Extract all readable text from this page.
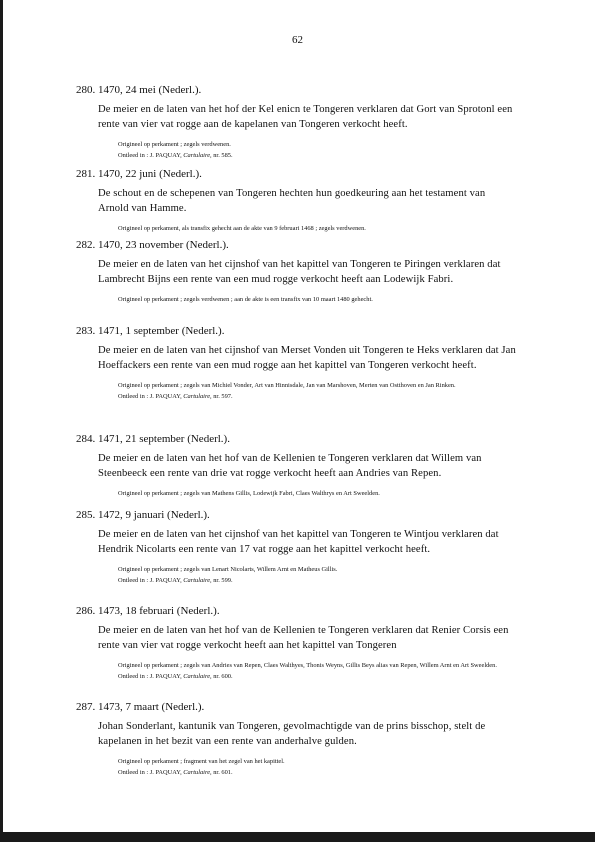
62

280. 1470, 24 mei (Nederl.).

De meier en de laten van het hof der Kel enicn te Tongeren verklaren dat Gort van Sprotonl een rente van vier vat rogge aan de kapelanen van Tongeren verkocht heeft.

Origineel op perkament ; zegels verdwenen.
Ontleed in : J. PAQUAY, Cartulaire, nr. 585.

281. 1470, 22 juni (Nederl.).

De schout en de schepenen van Tongeren hechten hun goedkeuring aan het testament van Arnold van Hamme.

Origineel op perkament, als transfix gehecht aan de akte van 9 februari 1468 ; zegels verdwenen.

282. 1470, 23 november (Nederl.).

De meier en de laten van het cijnshof van het kapittel van Tongeren te Piringen verklaren dat Lambrecht Bijns een rente van een mud rogge verkocht heeft aan Lodewijk Fabri.

Origineel op perkament ; zegels verdwenen ; aan de akte is een transfix van 10 maart 1480 gehecht.

283. 1471, 1 september (Nederl.).

De meier en de laten van het cijnshof van Merset Vonden uit Tongeren te Heks verklaren dat Jan Hoeffackers een rente van een mud rogge aan het kapittel van Tongeren verkocht heeft.

Origineel op perkament ; zegels van Michiel Vonder, Art van Hinnisdale, Jan van Marshoven, Merten van Ostthoven en Jan Rinken.
Ontleed in : J. PAQUAY, Cartulaire, nr. 597.

284. 1471, 21 september (Nederl.).

De meier en de laten van het hof van de Kellenien te Tongeren verklaren dat Willem van Steenbeeck een rente van drie vat rogge verkocht heeft aan Andries van Repen.

Origineel op perkament ; zegels van Mathens Gillis, Lodewijk Fabri, Claes Walthrys en Art Sweelden.

285. 1472, 9 januari (Nederl.).

De meier en de laten van het cijnshof van het kapittel van Tongeren te Wintjou verklaren dat Hendrik Nicolarts een rente van 17 vat rogge aan het kapittel verkocht heeft.

Origineel op perkament ; zegels van Lenart Nicolarts, Willem Arnt en Matheus Gillis.
Ontleed in : J. PAQUAY, Cartulaire, nr. 599.

286. 1473, 18 februari (Nederl.).

De meier en de laten van het hof van de Kellenien te Tongeren verklaren dat Renier Corsis een rente van vier vat rogge verkocht heeft aan het kapittel van Tongeren

Origineel op perkament ; zegels van Andries van Repen, Claes Walthyes, Thonis Weyns, Gillis Beys alias van Repen, Willem Arnt en Art Sweelden.
Ontleed in : J. PAQUAY, Cartulaire, nr. 600.

287. 1473, 7 maart (Nederl.).

Johan Sonderlant, kantunik van Tongeren, gevolmachtigde van de prins bisschop, stelt de kapelanen in het bezit van een rente van anderhalve gulden.

Origineel op perkament ; fragment van het zegel van het kapittel.
Ontleed in : J. PAQUAY, Cartulaire, nr. 601.
